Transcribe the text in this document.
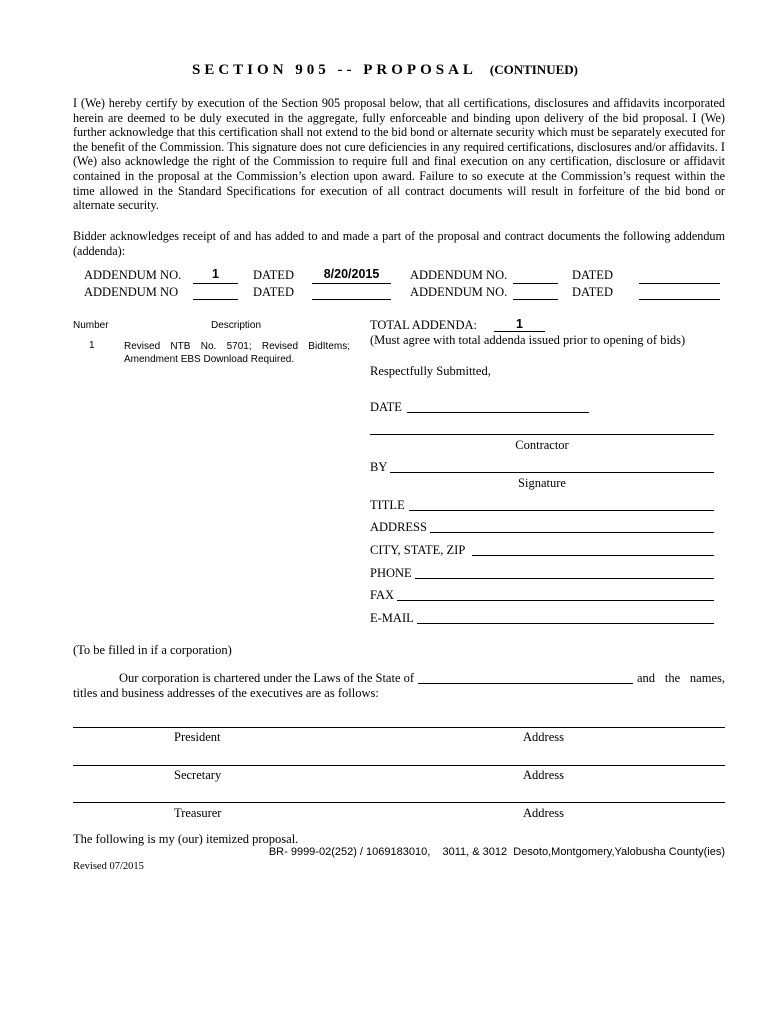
SECTION 905 -- PROPOSAL (CONTINUED)
I (We) hereby certify by execution of the Section 905 proposal below, that all certifications, disclosures and affidavits incorporated herein are deemed to be duly executed in the aggregate, fully enforceable and binding upon delivery of the bid proposal. I (We) further acknowledge that this certification shall not extend to the bid bond or alternate security which must be separately executed for the benefit of the Commission. This signature does not cure deficiencies in any required certifications, disclosures and/or affidavits. I (We) also acknowledge the right of the Commission to require full and final execution on any certification, disclosure or affidavit contained in the proposal at the Commission’s election upon award. Failure to so execute at the Commission’s request within the time allowed in the Standard Specifications for execution of all contract documents will result in forfeiture of the bid bond or alternate security.
Bidder acknowledges receipt of and has added to and made a part of the proposal and contract documents the following addendum (addenda):
ADDENDUM NO.	1	DATED	8/20/2015	ADDENDUM NO.	DATED
ADDENDUM NO	DATED	ADDENDUM NO.	DATED
Number	Description
1	Revised NTB No. 5701; Revised BidItems; Amendment EBS Download Required.
TOTAL ADDENDA:	1
(Must agree with total addenda issued prior to opening of bids)
Respectfully Submitted,
DATE
Contractor
BY
Signature
TITLE
ADDRESS
CITY, STATE, ZIP
PHONE
FAX
E-MAIL
(To be filled in if a corporation)
Our corporation is chartered under the Laws of the State of	and the names,
titles and business addresses of the executives are as follows:
President	Address
Secretary	Address
Treasurer	Address
The following is my (our) itemized proposal.
BR- 9999-02(252) / 1069183010,    3011, & 3012  Desoto,Montgomery,Yalobusha County(ies)
Revised 07/2015
